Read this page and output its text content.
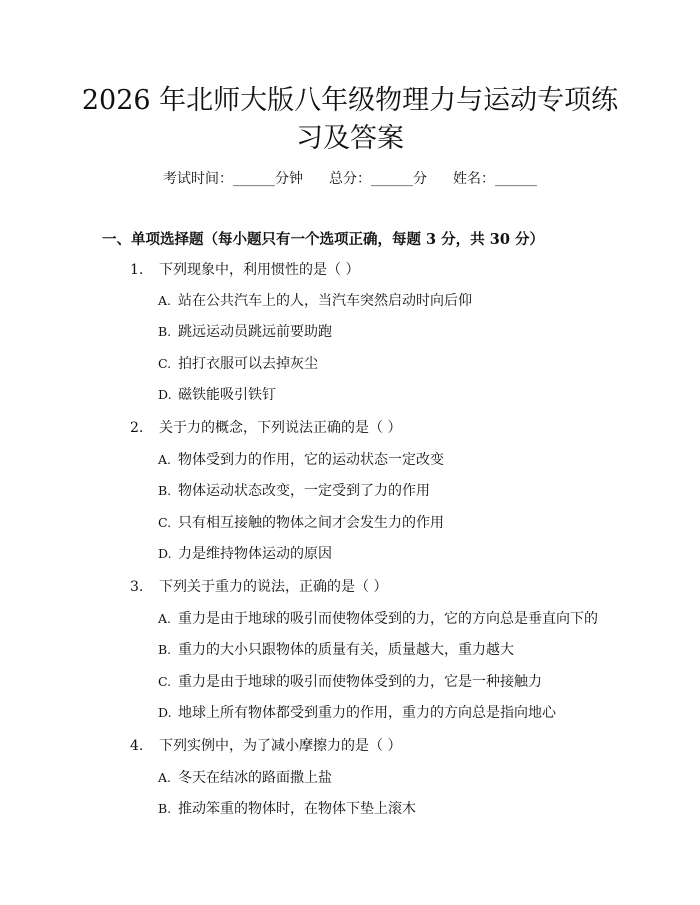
2026 年北师大版八年级物理力与运动专项练
习及答案
考试时间：______分钟 总分：______分 姓名：______
一、单项选择题（每小题只有一个选项正确，每题 3 分，共 30 分）
1. 下列现象中，利用惯性的是（ ）
A. 站在公共汽车上的人，当汽车突然启动时向后仰
B. 跳远运动员跳远前要助跑
C. 拍打衣服可以去掉灰尘
D. 磁铁能吸引铁钉
2. 关于力的概念，下列说法正确的是（ ）
A. 物体受到力的作用，它的运动状态一定改变
B. 物体运动状态改变，一定受到了力的作用
C. 只有相互接触的物体之间才会发生力的作用
D. 力是维持物体运动的原因
3. 下列关于重力的说法，正确的是（ ）
A. 重力是由于地球的吸引而使物体受到的力，它的方向总是垂直向下的
B. 重力的大小只跟物体的质量有关，质量越大，重力越大
C. 重力是由于地球的吸引而使物体受到的力，它是一种接触力
D. 地球上所有物体都受到重力的作用，重力的方向总是指向地心
4. 下列实例中，为了减小摩擦力的是（ ）
A. 冬天在结冰的路面撒上盐
B. 推动笨重的物体时，在物体下垫上滚木
